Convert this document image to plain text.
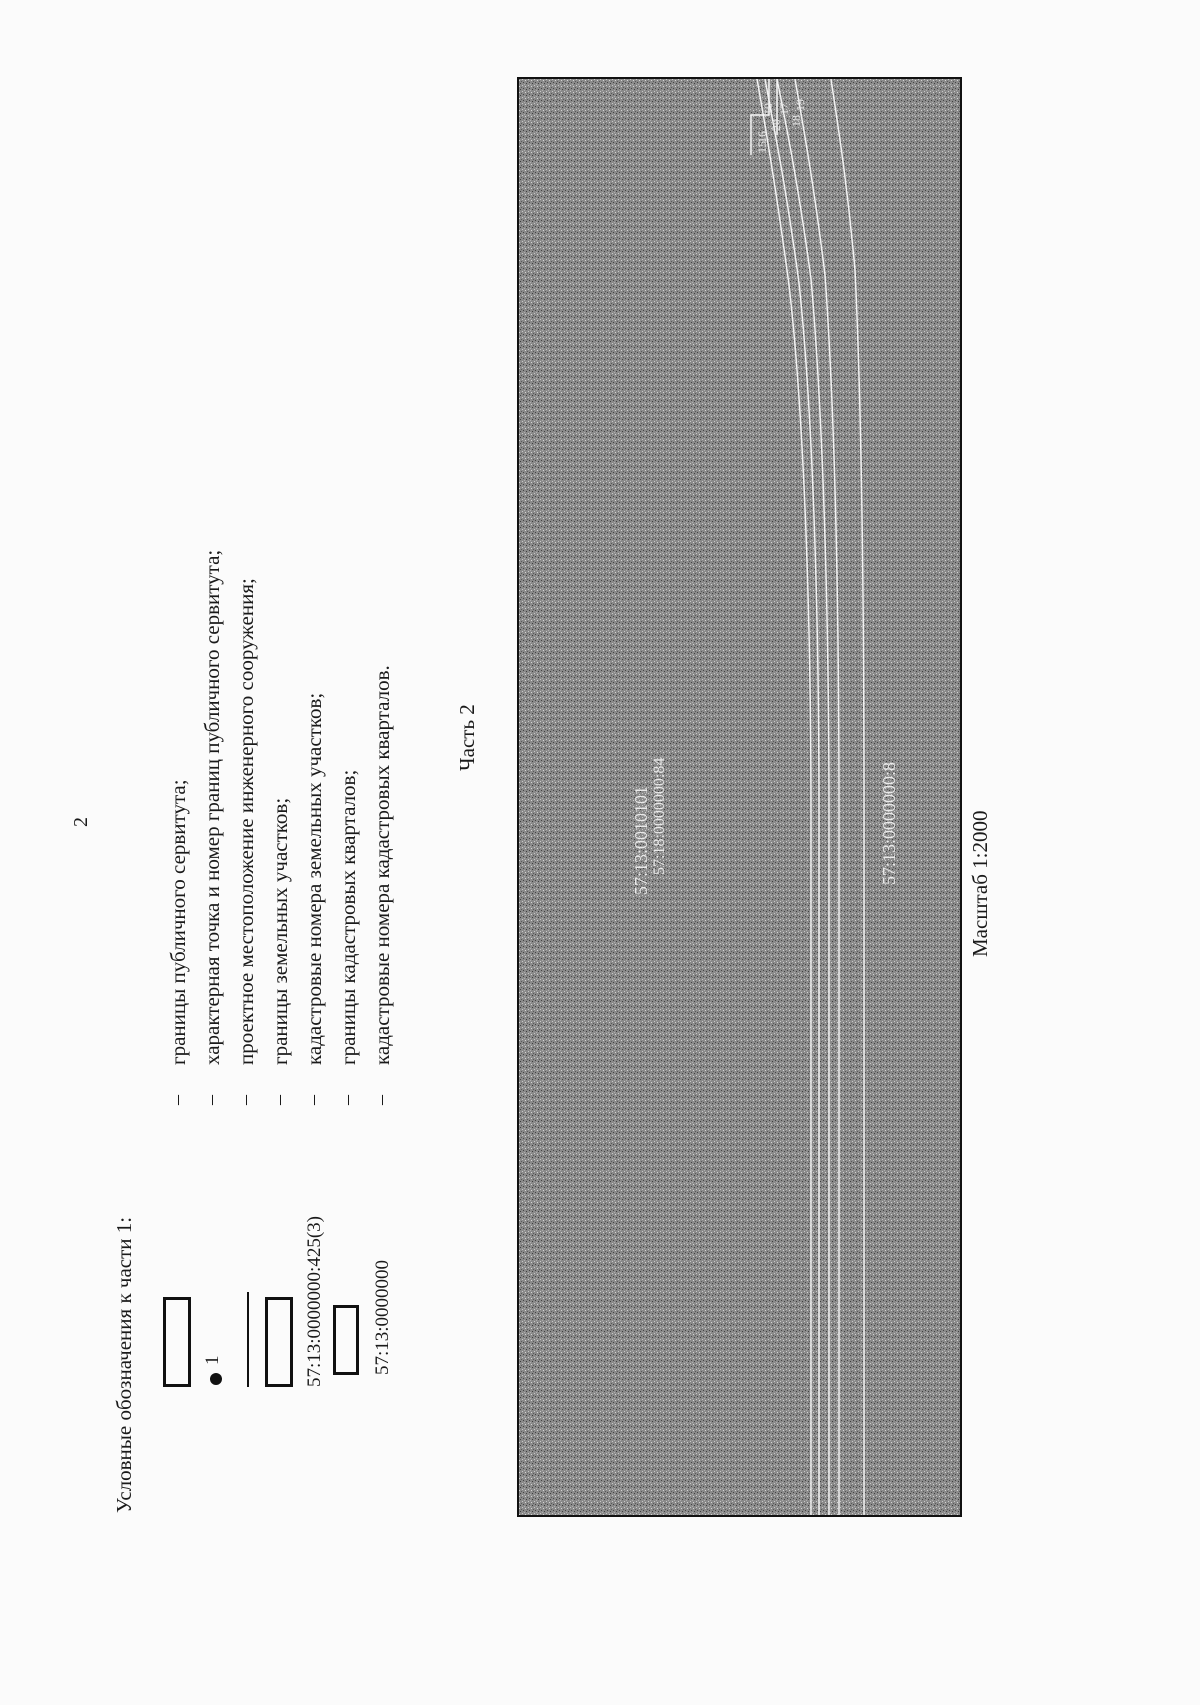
2
Условные обозначения к части 1:
–
границы публичного сервитута;
1
–
характерная точка и номер границ публичного сервитута;
–
проектное местоположение инженерного сооружения;
–
границы земельных участков;
57:13:0000000:425(3)
–
кадастровые номера земельных участков;
–
границы кадастровых кварталов;
57:13:0000000
–
кадастровые номера кадастровых кварталов.	Часть 2
57:13:0010101 57:18:0000000:84	57:13:0000000:8
10
15
16
17
18
19
20
Масштаб 1:2000
